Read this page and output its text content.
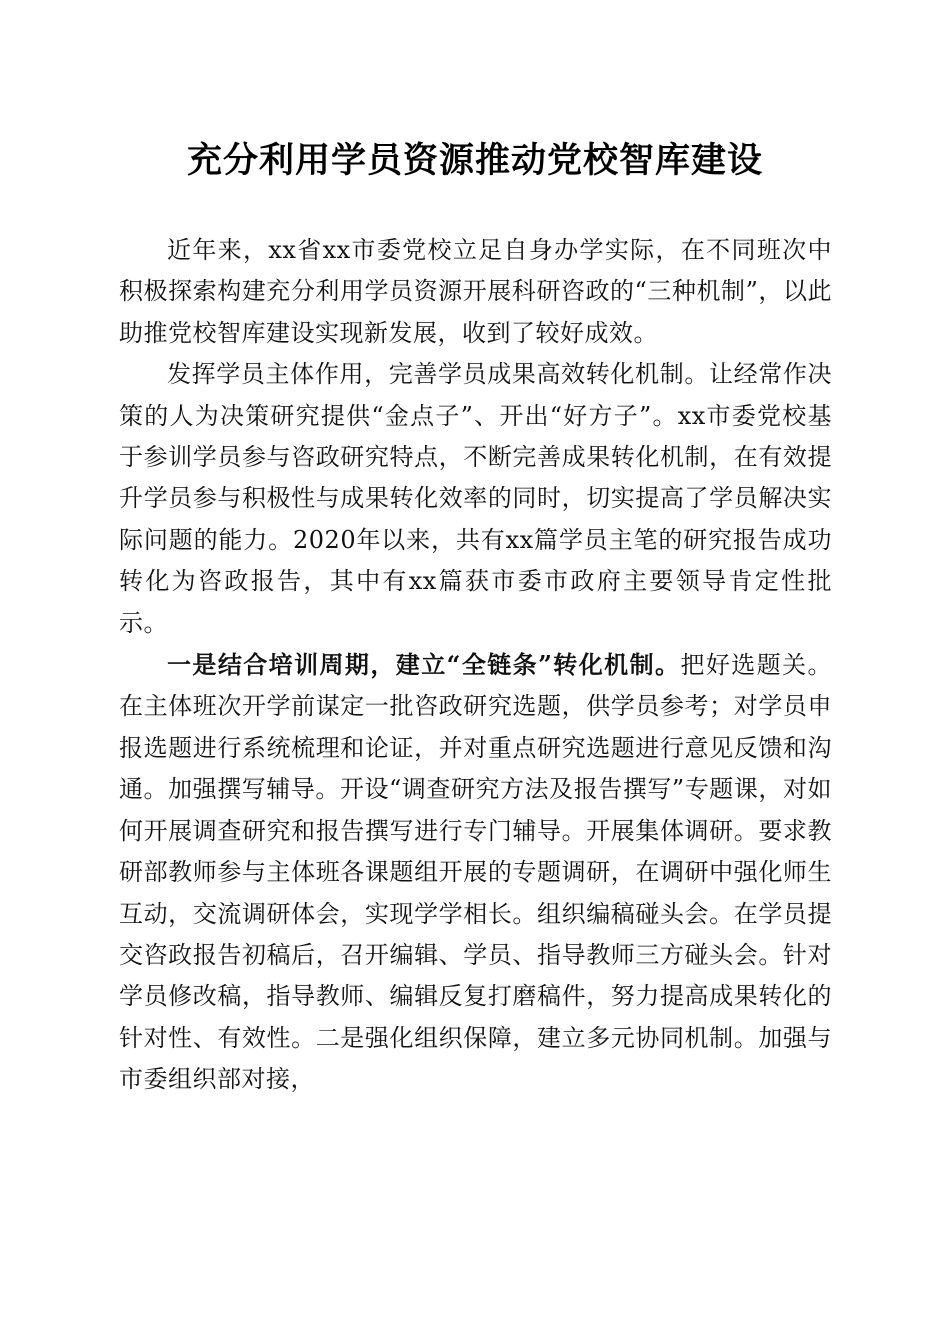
充分利用学员资源推动党校智库建设

近年来，xx省xx市委党校立足自身办学实际，在不同班次中积极探索构建充分利用学员资源开展科研咨政的“三种机制”，以此助推党校智库建设实现新发展，收到了较好成效。

发挥学员主体作用，完善学员成果高效转化机制。让经常作决策的人为决策研究提供“金点子”、开出“好方子”。xx市委党校基于参训学员参与咨政研究特点，不断完善成果转化机制，在有效提升学员参与积极性与成果转化效率的同时，切实提高了学员解决实际问题的能力。2020年以来，共有xx篇学员主笔的研究报告成功转化为咨政报告，其中有xx篇获市委市政府主要领导肯定性批示。

一是结合培训周期，建立“全链条”转化机制。把好选题关。在主体班次开学前谋定一批咨政研究选题，供学员参考；对学员申报选题进行系统梳理和论证，并对重点研究选题进行意见反馈和沟通。加强撰写辅导。开设“调查研究方法及报告撰写”专题课，对如何开展调查研究和报告撰写进行专门辅导。开展集体调研。要求教研部教师参与主体班各课题组开展的专题调研，在调研中强化师生互动，交流调研体会，实现学学相长。组织编稿碰头会。在学员提交咨政报告初稿后，召开编辑、学员、指导教师三方碰头会。针对学员修改稿，指导教师、编辑反复打磨稿件，努力提高成果转化的针对性、有效性。二是强化组织保障，建立多元协同机制。加强与市委组织部对接，
